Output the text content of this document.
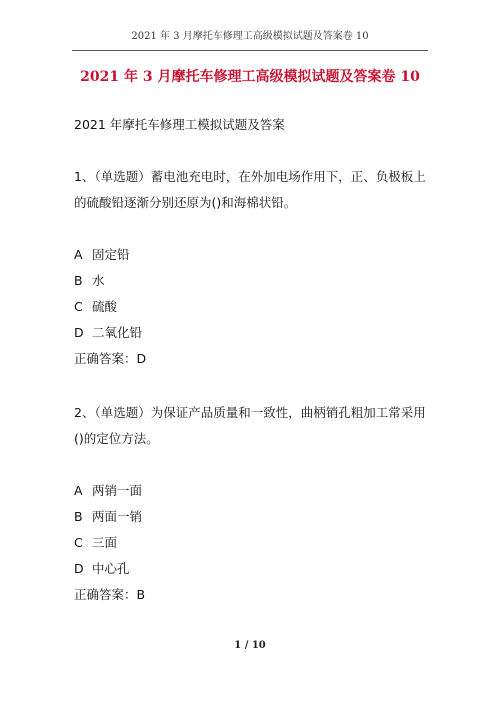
2021 年 3 月摩托车修理工高级模拟试题及答案卷 10
2021 年 3 月摩托车修理工高级模拟试题及答案卷 10
2021 年摩托车修理工模拟试题及答案
1、（单选题）蓄电池充电时，在外加电场作用下，正、负极板上的硫酸铅逐渐分别还原为()和海棉状铅。
A 固定铅
B 水
C 硫酸
D 二氧化铅
正确答案：D
2、（单选题）为保证产品质量和一致性，曲柄销孔粗加工常采用()的定位方法。
A 两销一面
B 两面一销
C 三面
D 中心孔
正确答案：B
1 / 10
